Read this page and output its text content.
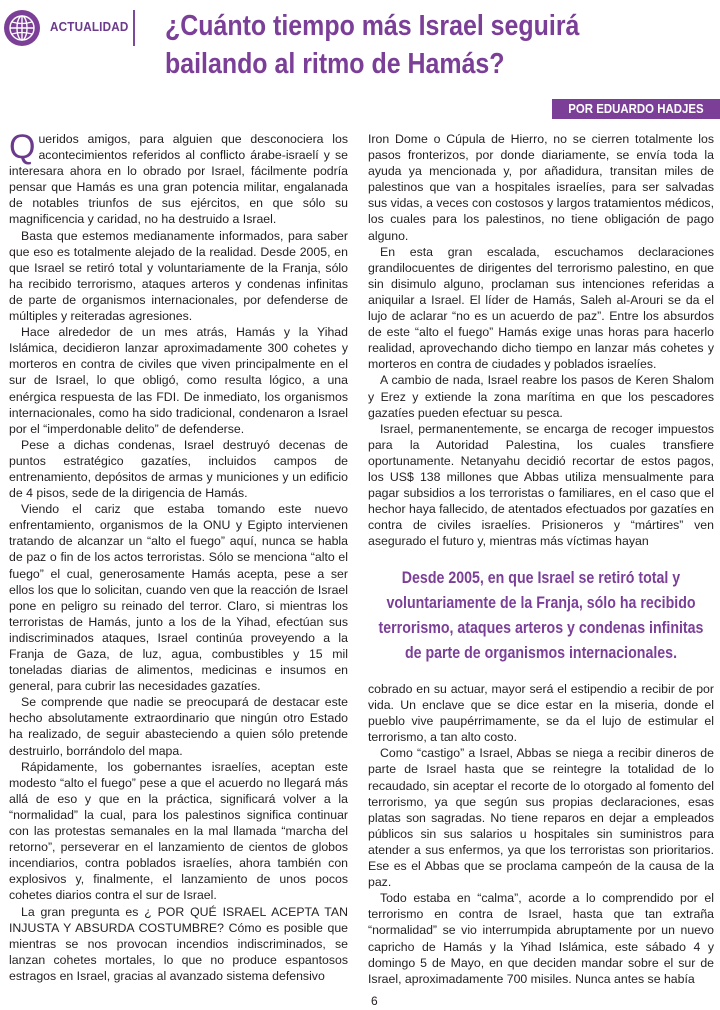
ACTUALIDAD ¿Cuánto tiempo más Israel seguirá bailando al ritmo de Hamás?
POR EDUARDO HADJES

Queridos amigos, para alguien que desconociera los acontecimientos referidos al conflicto árabe-israelí y se interesara ahora en lo obrado por Israel, fácilmente podría pensar que Hamás es una gran potencia militar, engalanada de notables triunfos de sus ejércitos, en que sólo su magnificencia y caridad, no ha destruido a Israel.

Basta que estemos medianamente informados, para saber que eso es totalmente alejado de la realidad. Desde 2005, en que Israel se retiró total y voluntariamente de la Franja, sólo ha recibido terrorismo, ataques arteros y condenas infinitas de parte de organismos internacionales, por defenderse de múltiples y reiteradas agresiones.

Hace alrededor de un mes atrás, Hamás y la Yihad Islámica, decidieron lanzar aproximadamente 300 cohetes y morteros en contra de civiles que viven principalmente en el sur de Israel, lo que obligó, como resulta lógico, a una enérgica respuesta de las FDI. De inmediato, los organismos internacionales, como ha sido tradicional, condenaron a Israel por el “imperdonable delito” de defenderse.

Pese a dichas condenas, Israel destruyó decenas de puntos estratégico gazatíes, incluidos campos de entrenamiento, depósitos de armas y municiones y un edificio de 4 pisos, sede de la dirigencia de Hamás.

Viendo el cariz que estaba tomando este nuevo enfrentamiento, organismos de la ONU y Egipto intervienen tratando de alcanzar un “alto el fuego” aquí, nunca se habla de paz o fin de los actos terroristas. Sólo se menciona “alto el fuego” el cual, generosamente Hamás acepta, pese a ser ellos los que lo solicitan, cuando ven que la reacción de Israel pone en peligro su reinado del terror. Claro, si mientras los terroristas de Hamás, junto a los de la Yihad, efectúan sus indiscriminados ataques, Israel continúa proveyendo a la Franja de Gaza, de luz, agua, combustibles y 15 mil toneladas diarias de alimentos, medicinas e insumos en general, para cubrir las necesidades gazatíes.

Se comprende que nadie se preocupará de destacar este hecho absolutamente extraordinario que ningún otro Estado ha realizado, de seguir abasteciendo a quien sólo pretende destruirlo, borrándolo del mapa.

Rápidamente, los gobernantes israelíes, aceptan este modesto “alto el fuego” pese a que el acuerdo no llegará más allá de eso y que en la práctica, significará volver a la “normalidad” la cual, para los palestinos significa continuar con las protestas semanales en la mal llamada “marcha del retorno”, perseverar en el lanzamiento de cientos de globos incendiarios, contra poblados israelíes, ahora también con explosivos y, finalmente, el lanzamiento de unos pocos cohetes diarios contra el sur de Israel.

La gran pregunta es ¿ POR QUÉ ISRAEL ACEPTA TAN INJUSTA Y ABSURDA COSTUMBRE? Cómo es posible que mientras se nos provocan incendios indiscriminados, se lanzan cohetes mortales, lo que no produce espantosos estragos en Israel, gracias al avanzado sistema defensivo

Iron Dome o Cúpula de Hierro, no se cierren totalmente los pasos fronterizos, por donde diariamente, se envía toda la ayuda ya mencionada y, por añadidura, transitan miles de palestinos que van a hospitales israelíes, para ser salvadas sus vidas, a veces con costosos y largos tratamientos médicos, los cuales para los palestinos, no tiene obligación de pago alguno.

En esta gran escalada, escuchamos declaraciones grandilocuentes de dirigentes del terrorismo palestino, en que sin disimulo alguno, proclaman sus intenciones referidas a aniquilar a Israel. El líder de Hamás, Saleh al-Arouri se da el lujo de aclarar “no es un acuerdo de paz”. Entre los absurdos de este “alto el fuego” Hamás exige unas horas para hacerlo realidad, aprovechando dicho tiempo en lanzar más cohetes y morteros en contra de ciudades y poblados israelíes.

A cambio de nada, Israel reabre los pasos de Keren Shalom y Erez y extiende la zona marítima en que los pescadores gazatíes pueden efectuar su pesca.

Israel, permanentemente, se encarga de recoger impuestos para la Autoridad Palestina, los cuales transfiere oportunamente. Netanyahu decidió recortar de estos pagos, los US$ 138 millones que Abbas utiliza mensualmente para pagar subsidios a los terroristas o familiares, en el caso que el hechor haya fallecido, de atentados efectuados por gazatíes en contra de civiles israelíes. Prisioneros y “mártires” ven asegurado el futuro y, mientras más víctimas hayan

Desde 2005, en que Israel se retiró total y voluntariamente de la Franja, sólo ha recibido terrorismo, ataques arteros y condenas infinitas de parte de organismos internacionales.

cobrado en su actuar, mayor será el estipendio a recibir de por vida. Un enclave que se dice estar en la miseria, donde el pueblo vive paupérrimamente, se da el lujo de estimular el terrorismo, a tan alto costo.

Como “castigo” a Israel, Abbas se niega a recibir dineros de parte de Israel hasta que se reintegre la totalidad de lo recaudado, sin aceptar el recorte de lo otorgado al fomento del terrorismo, ya que según sus propias declaraciones, esas platas son sagradas. No tiene reparos en dejar a empleados públicos sin sus salarios u hospitales sin suministros para atender a sus enfermos, ya que los terroristas son prioritarios. Ese es el Abbas que se proclama campeón de la causa de la paz.

Todo estaba en “calma”, acorde a lo comprendido por el terrorismo en contra de Israel, hasta que tan extraña “normalidad” se vio interrumpida abruptamente por un nuevo capricho de Hamás y la Yihad Islámica, este sábado 4 y domingo 5 de Mayo, en que deciden mandar sobre el sur de Israel, aproximadamente 700 misiles. Nunca antes se había

6
